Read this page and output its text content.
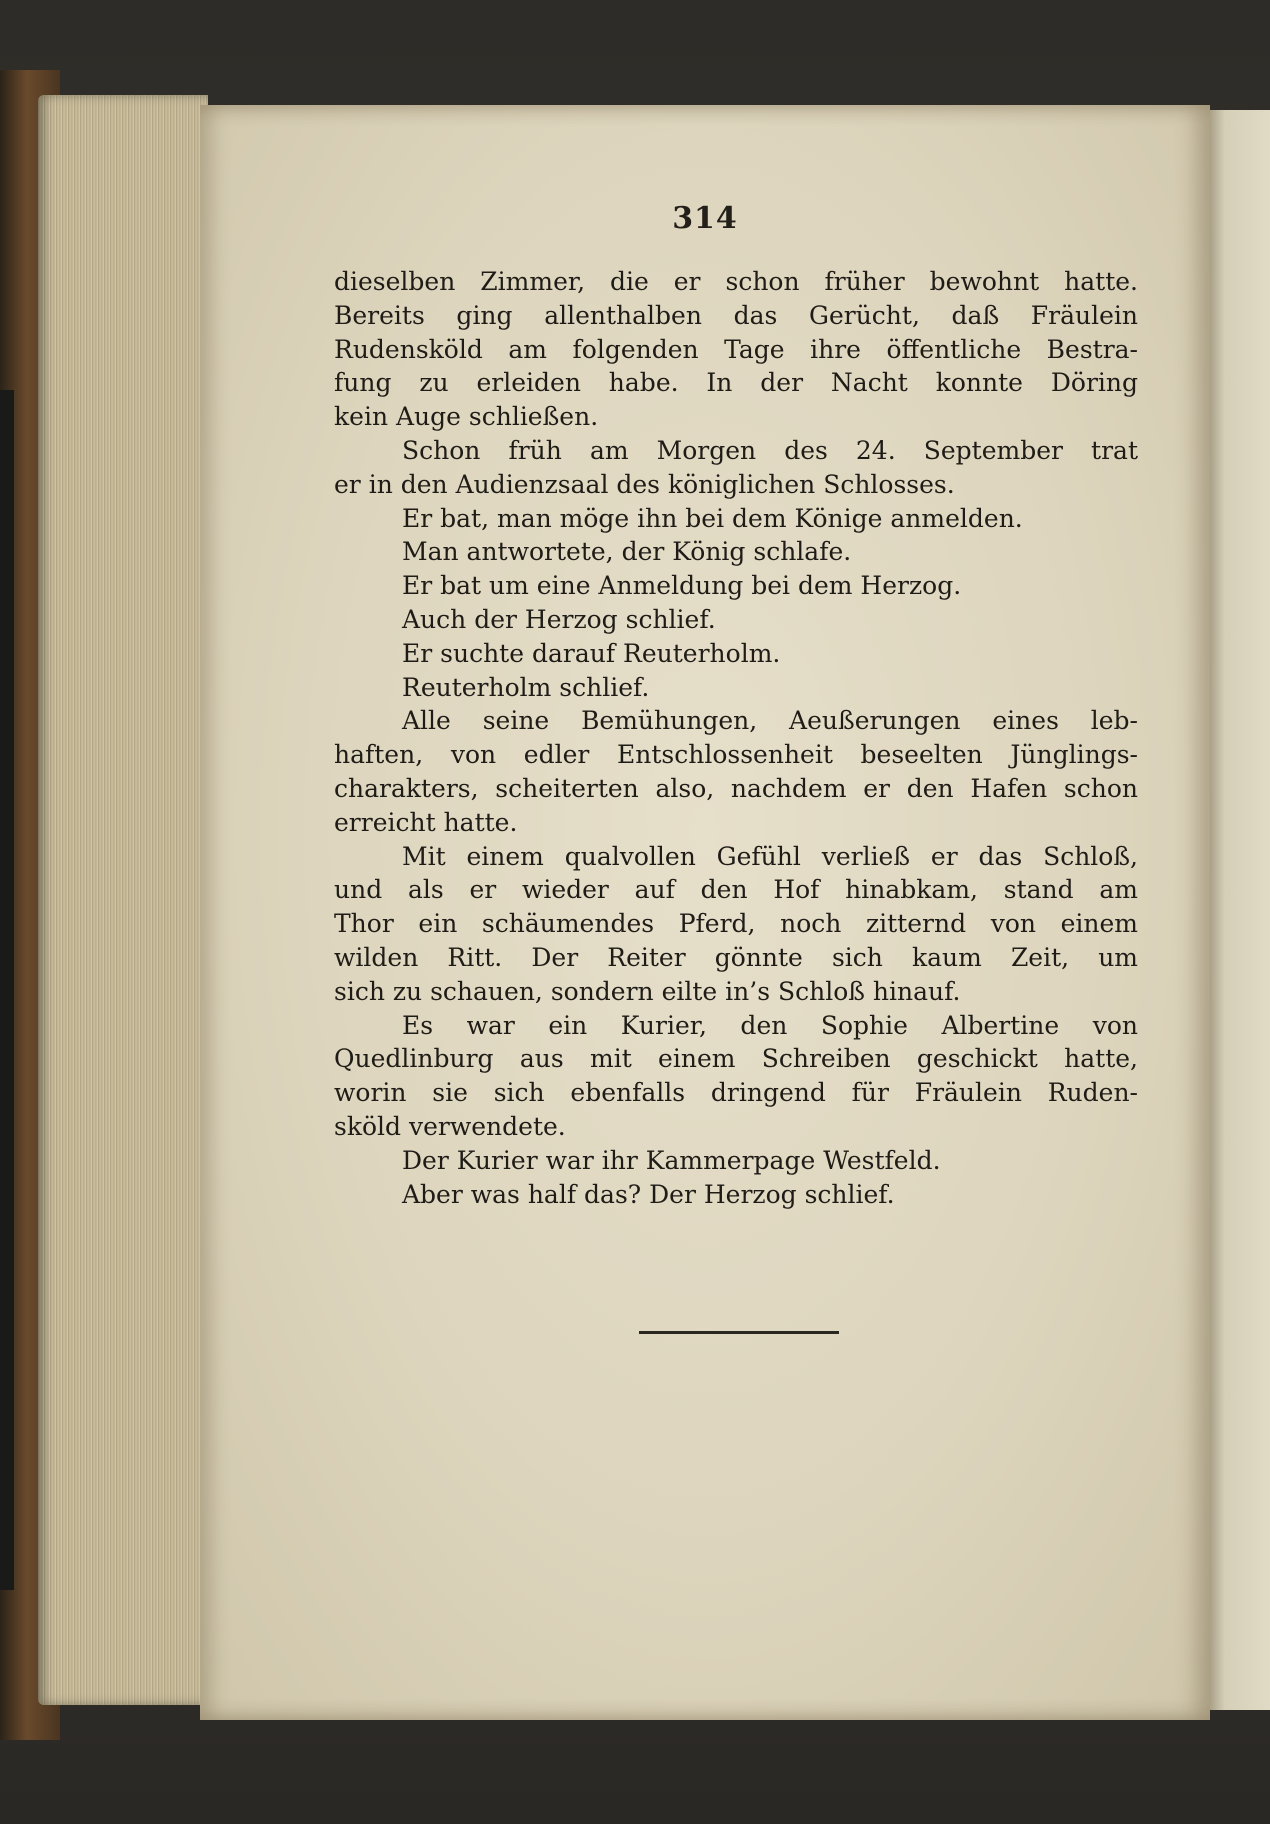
314
dieselben Zimmer, die er schon früher bewohnt hatte.
Bereits ging allenthalben das Gerücht, daß Fräulein
Rudensköld am folgenden Tage ihre öffentliche Bestra-
fung zu erleiden habe. In der Nacht konnte Döring
kein Auge schließen.
Schon früh am Morgen des 24. September trat
er in den Audienzsaal des königlichen Schlosses.
Er bat, man möge ihn bei dem Könige anmelden.
Man antwortete, der König schlafe.
Er bat um eine Anmeldung bei dem Herzog.
Auch der Herzog schlief.
Er suchte darauf Reuterholm.
Reuterholm schlief.
Alle seine Bemühungen, Aeußerungen eines leb-
haften, von edler Entschlossenheit beseelten Jünglings-
charakters, scheiterten also, nachdem er den Hafen schon
erreicht hatte.
Mit einem qualvollen Gefühl verließ er das Schloß,
und als er wieder auf den Hof hinabkam, stand am
Thor ein schäumendes Pferd, noch zitternd von einem
wilden Ritt. Der Reiter gönnte sich kaum Zeit, um
sich zu schauen, sondern eilte in’s Schloß hinauf.
Es war ein Kurier, den Sophie Albertine von
Quedlinburg aus mit einem Schreiben geschickt hatte,
worin sie sich ebenfalls dringend für Fräulein Ruden-
sköld verwendete.
Der Kurier war ihr Kammerpage Westfeld.
Aber was half das? Der Herzog schlief.
